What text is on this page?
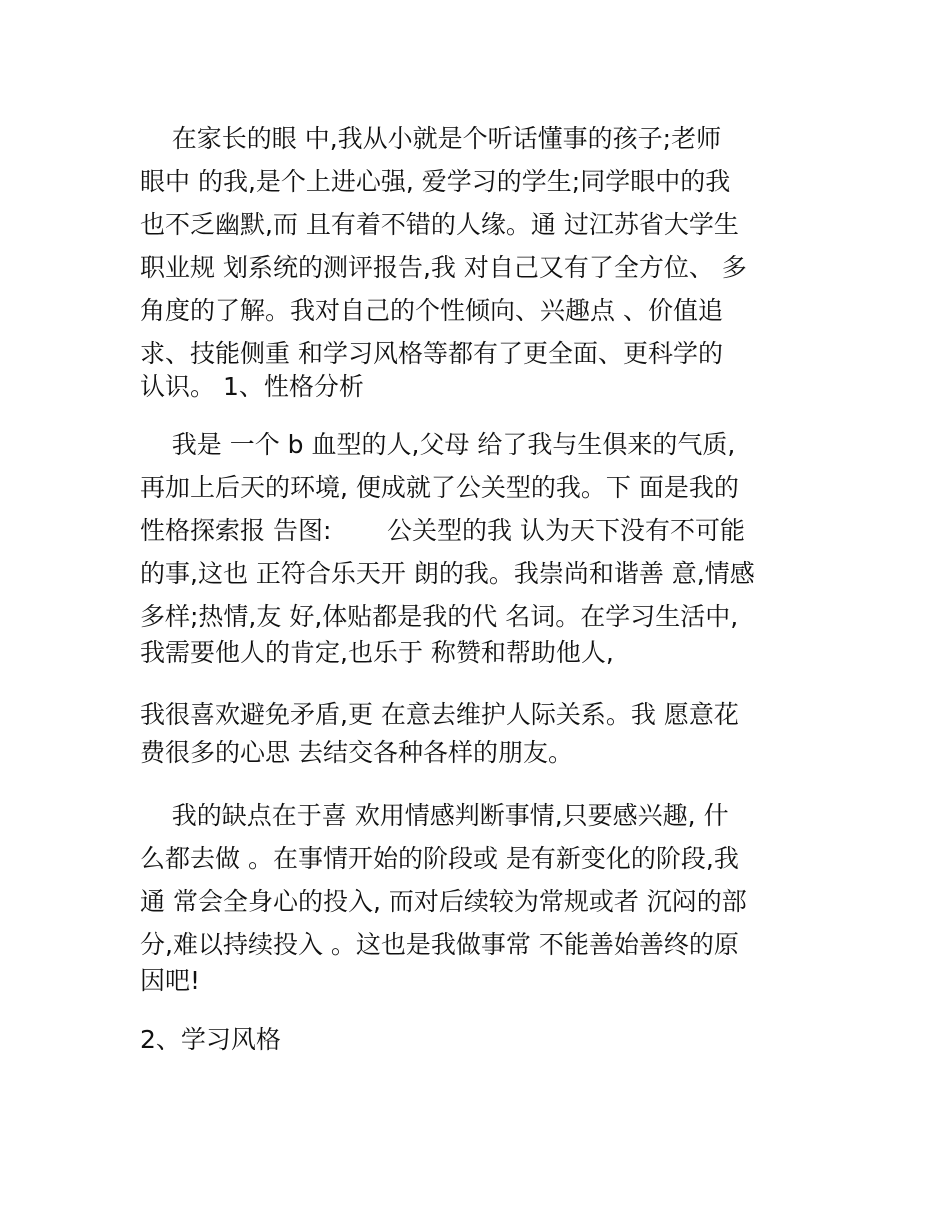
在家长的眼 中,我从小就是个听话懂事的孩子;老师

眼中 的我,是个上进心强, 爱学习的学生;同学眼中的我

也不乏幽默,而 且有着不错的人缘。通 过江苏省大学生

职业规 划系统的测评报告,我 对自己又有了全方位、 多

角度的了解。我对自己的个性倾向、兴趣点 、价值追

求、技能侧重 和学习风格等都有了更全面、更科学的

认识。 1、性格分析

我是 一个 b 血型的人,父母 给了我与生俱来的气质,

再加上后天的环境, 便成就了公关型的我。下 面是我的

性格探索报 告图:       公关型的我 认为天下没有不可能

的事,这也 正符合乐天开 朗的我。我崇尚和谐善 意,情感

多样;热情,友 好,体贴都是我的代 名词。在学习生活中,

我需要他人的肯定,也乐于 称赞和帮助他人,

我很喜欢避免矛盾,更 在意去维护人际关系。我 愿意花

费很多的心思 去结交各种各样的朋友。

我的缺点在于喜 欢用情感判断事情,只要感兴趣, 什

么都去做 。在事情开始的阶段或 是有新变化的阶段,我

通 常会全身心的投入, 而对后续较为常规或者 沉闷的部

分,难以持续投入 。这也是我做事常 不能善始善终的原

因吧!

2、学习风格
